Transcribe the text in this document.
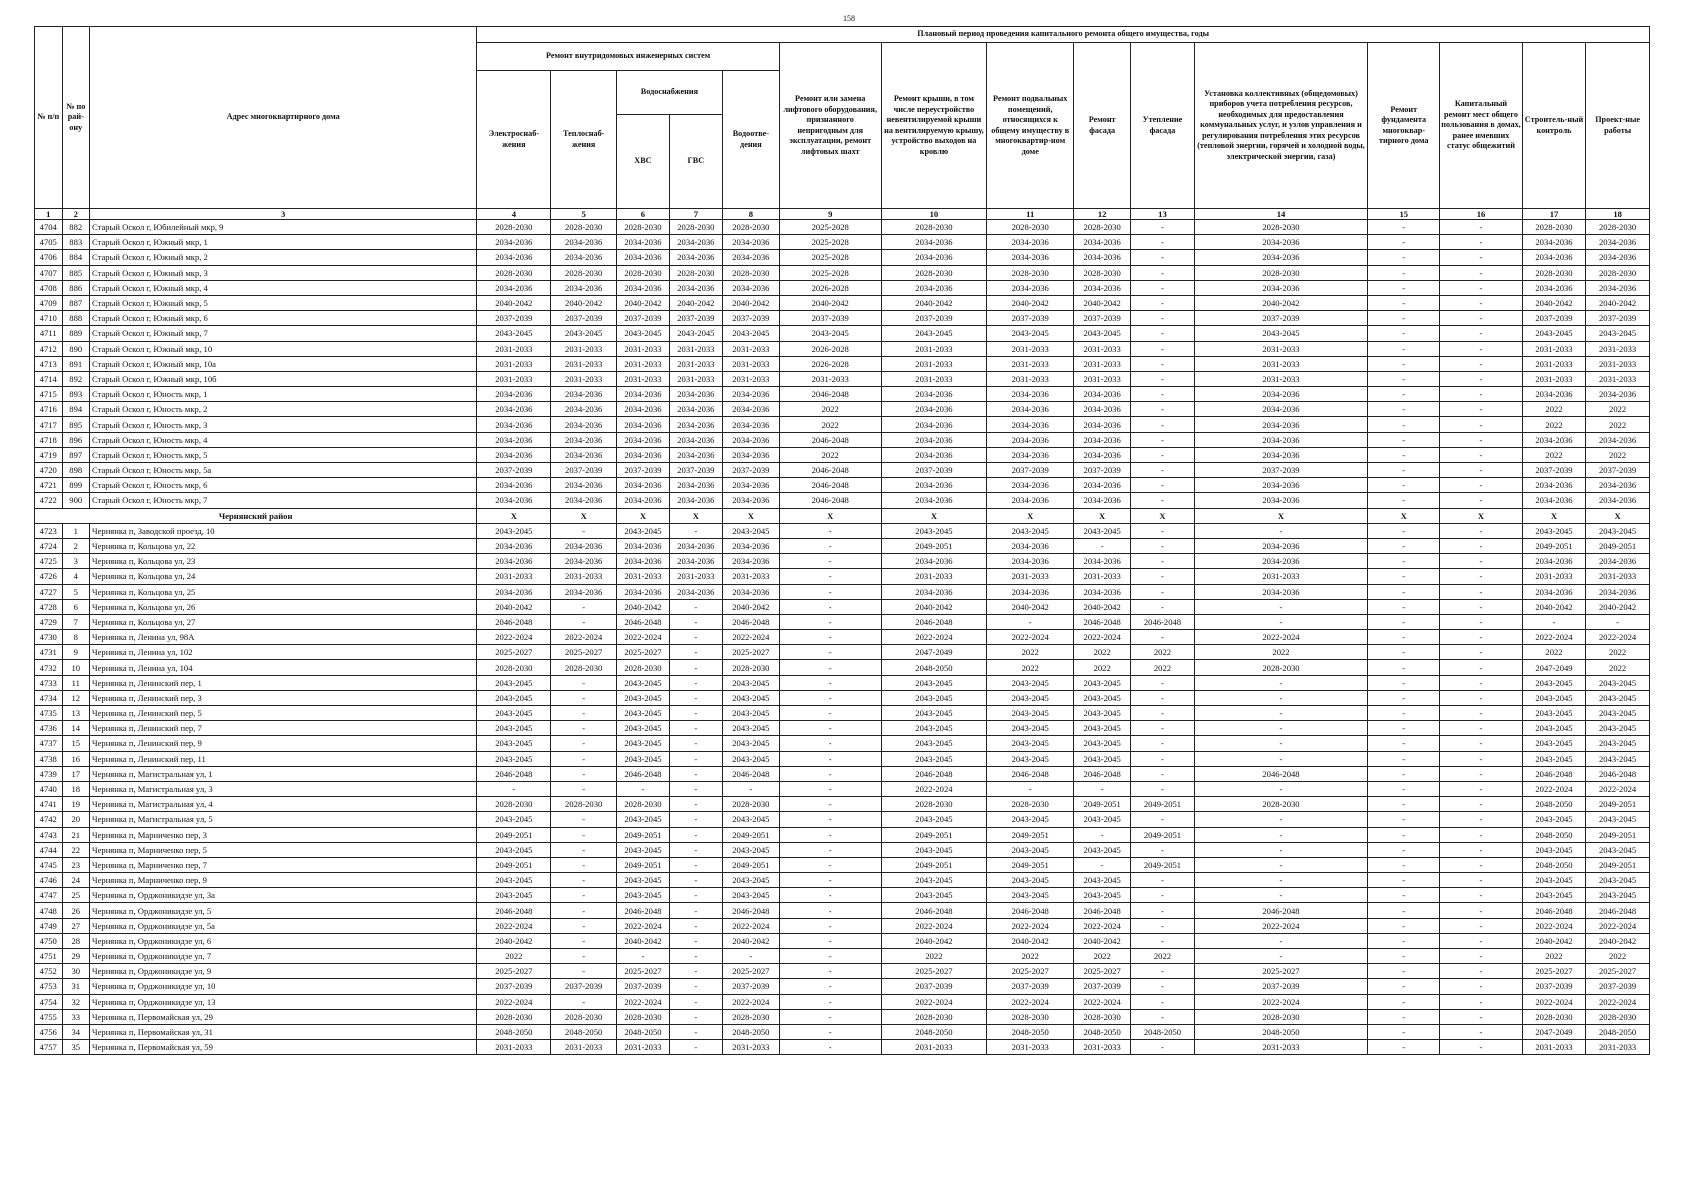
158
№ п/п	№ по рай-ону	Адрес многоквартирного дома	Плановый период проведения капитального ремонта общего имущества, годы														
			Ремонт внутридомовых инженерных систем					Ремонт или замена лифтового оборудования, признанного непригодным для эксплуатации, ремонт лифтовых шахт	Ремонт крыши, в том числе переустройство невентилируемой крыши на вентилируемую крышу, устройство выходов на кровлю	Ремонт подвальных помещений, относящихся к общему имуществу в многоквартир-ном доме	Ремонт фасада	Утепление фасада	Установка коллективных (общедомовых) приборов учета потребления ресурсов, необходимых для предоставления коммунальных услуг, и узлов управления и регулирования потребления этих ресурсов (тепловой энергии, горячей и холодной воды, электрической энергии, газа)	Ремонт фундамента многоквар-тирного дома	Капитальный ремонт мест общего пользования в домах, ранее имевших статус общежитий	Строитель-ный контроль	Проект-ные работы
			Электроснаб-жения	Теплоснаб-жения	Водоснабжения		Водоотве-дения										
					ХВС	ГВС											
1	2	3	4	5	6	7	8	9	10	11	12	13	14	15	16	17	18
4704	882	Старый Оскол г, Юбилейный мкр, 9	2028-2030	2028-2030	2028-2030	2028-2030	2028-2030	2025-2028	2028-2030	2028-2030	2028-2030	-	2028-2030	-	-	2028-2030	2028-2030
4705	883	Старый Оскол г, Южный мкр, 1	2034-2036	2034-2036	2034-2036	2034-2036	2034-2036	2025-2028	2034-2036	2034-2036	2034-2036	-	2034-2036	-	-	2034-2036	2034-2036
4706	884	Старый Оскол г, Южный мкр, 2	2034-2036	2034-2036	2034-2036	2034-2036	2034-2036	2025-2028	2034-2036	2034-2036	2034-2036	-	2034-2036	-	-	2034-2036	2034-2036
4707	885	Старый Оскол г, Южный мкр, 3	2028-2030	2028-2030	2028-2030	2028-2030	2028-2030	2025-2028	2028-2030	2028-2030	2028-2030	-	2028-2030	-	-	2028-2030	2028-2030
4708	886	Старый Оскол г, Южный мкр, 4	2034-2036	2034-2036	2034-2036	2034-2036	2034-2036	2026-2028	2034-2036	2034-2036	2034-2036	-	2034-2036	-	-	2034-2036	2034-2036
4709	887	Старый Оскол г, Южный мкр, 5	2040-2042	2040-2042	2040-2042	2040-2042	2040-2042	2040-2042	2040-2042	2040-2042	2040-2042	-	2040-2042	-	-	2040-2042	2040-2042
4710	888	Старый Оскол г, Южный мкр, 6	2037-2039	2037-2039	2037-2039	2037-2039	2037-2039	2037-2039	2037-2039	2037-2039	2037-2039	-	2037-2039	-	-	2037-2039	2037-2039
4711	889	Старый Оскол г, Южный мкр, 7	2043-2045	2043-2045	2043-2045	2043-2045	2043-2045	2043-2045	2043-2045	2043-2045	2043-2045	-	2043-2045	-	-	2043-2045	2043-2045
4712	890	Старый Оскол г, Южный мкр, 10	2031-2033	2031-2033	2031-2033	2031-2033	2031-2033	2026-2028	2031-2033	2031-2033	2031-2033	-	2031-2033	-	-	2031-2033	2031-2033
4713	891	Старый Оскол г, Южный мкр, 10а	2031-2033	2031-2033	2031-2033	2031-2033	2031-2033	2026-2028	2031-2033	2031-2033	2031-2033	-	2031-2033	-	-	2031-2033	2031-2033
4714	892	Старый Оскол г, Южный мкр, 10б	2031-2033	2031-2033	2031-2033	2031-2033	2031-2033	2031-2033	2031-2033	2031-2033	2031-2033	-	2031-2033	-	-	2031-2033	2031-2033
4715	893	Старый Оскол г, Юность мкр, 1	2034-2036	2034-2036	2034-2036	2034-2036	2034-2036	2046-2048	2034-2036	2034-2036	2034-2036	-	2034-2036	-	-	2034-2036	2034-2036
4716	894	Старый Оскол г, Юность мкр, 2	2034-2036	2034-2036	2034-2036	2034-2036	2034-2036	2022	2034-2036	2034-2036	2034-2036	-	2034-2036	-	-	2022	2022
4717	895	Старый Оскол г, Юность мкр, 3	2034-2036	2034-2036	2034-2036	2034-2036	2034-2036	2022	2034-2036	2034-2036	2034-2036	-	2034-2036	-	-	2022	2022
4718	896	Старый Оскол г, Юность мкр, 4	2034-2036	2034-2036	2034-2036	2034-2036	2034-2036	2046-2048	2034-2036	2034-2036	2034-2036	-	2034-2036	-	-	2034-2036	2034-2036
4719	897	Старый Оскол г, Юность мкр, 5	2034-2036	2034-2036	2034-2036	2034-2036	2034-2036	2022	2034-2036	2034-2036	2034-2036	-	2034-2036	-	-	2022	2022
4720	898	Старый Оскол г, Юность мкр, 5а	2037-2039	2037-2039	2037-2039	2037-2039	2037-2039	2046-2048	2037-2039	2037-2039	2037-2039	-	2037-2039	-	-	2037-2039	2037-2039
4721	899	Старый Оскол г, Юность мкр, 6	2034-2036	2034-2036	2034-2036	2034-2036	2034-2036	2046-2048	2034-2036	2034-2036	2034-2036	-	2034-2036	-	-	2034-2036	2034-2036
4722	900	Старый Оскол г, Юность мкр, 7	2034-2036	2034-2036	2034-2036	2034-2036	2034-2036	2046-2048	2034-2036	2034-2036	2034-2036	-	2034-2036	-	-	2034-2036	2034-2036
Чернянский район			X	X	X	X	X	X	X	X	X	X	X	X	X	X	X
4723	1	Чернянка п, Заводской проезд, 10	2043-2045	-	2043-2045	-	2043-2045	-	2043-2045	2043-2045	2043-2045	-	-	-	-	2043-2045	2043-2045
4724	2	Чернянка п, Кольцова ул, 22	2034-2036	2034-2036	2034-2036	2034-2036	2034-2036	-	2049-2051	2034-2036	-	-	2034-2036	-	-	2049-2051	2049-2051
4725	3	Чернянка п, Кольцова ул, 23	2034-2036	2034-2036	2034-2036	2034-2036	2034-2036	-	2034-2036	2034-2036	2034-2036	-	2034-2036	-	-	2034-2036	2034-2036
4726	4	Чернянка п, Кольцова ул, 24	2031-2033	2031-2033	2031-2033	2031-2033	2031-2033	-	2031-2033	2031-2033	2031-2033	-	2031-2033	-	-	2031-2033	2031-2033
4727	5	Чернянка п, Кольцова ул, 25	2034-2036	2034-2036	2034-2036	2034-2036	2034-2036	-	2034-2036	2034-2036	2034-2036	-	2034-2036	-	-	2034-2036	2034-2036
4728	6	Чернянка п, Кольцова ул, 26	2040-2042	-	2040-2042	-	2040-2042	-	2040-2042	2040-2042	2040-2042	-	-	-	-	2040-2042	2040-2042
4729	7	Чернянка п, Кольцова ул, 27	2046-2048	-	2046-2048	-	2046-2048	-	2046-2048	-	2046-2048	2046-2048	-	-	-	-	-
4730	8	Чернянка п, Ленина ул, 98А	2022-2024	2022-2024	2022-2024	-	2022-2024	-	2022-2024	2022-2024	2022-2024	-	2022-2024	-	-	2022-2024	2022-2024
4731	9	Чернянка п, Ленина ул, 102	2025-2027	2025-2027	2025-2027	-	2025-2027	-	2047-2049	2022	2022	2022	2022	-	-	2022	2022
4732	10	Чернянка п, Ленина ул, 104	2028-2030	2028-2030	2028-2030	-	2028-2030	-	2048-2050	2022	2022	2022	2028-2030	-	-	2047-2049	2022
4733	11	Чернянка п, Ленинский пер, 1	2043-2045	-	2043-2045	-	2043-2045	-	2043-2045	2043-2045	2043-2045	-	-	-	-	2043-2045	2043-2045
4734	12	Чернянка п, Ленинский пер, 3	2043-2045	-	2043-2045	-	2043-2045	-	2043-2045	2043-2045	2043-2045	-	-	-	-	2043-2045	2043-2045
4735	13	Чернянка п, Ленинский пер, 5	2043-2045	-	2043-2045	-	2043-2045	-	2043-2045	2043-2045	2043-2045	-	-	-	-	2043-2045	2043-2045
4736	14	Чернянка п, Ленинский пер, 7	2043-2045	-	2043-2045	-	2043-2045	-	2043-2045	2043-2045	2043-2045	-	-	-	-	2043-2045	2043-2045
4737	15	Чернянка п, Ленинский пер, 9	2043-2045	-	2043-2045	-	2043-2045	-	2043-2045	2043-2045	2043-2045	-	-	-	-	2043-2045	2043-2045
4738	16	Чернянка п, Ленинский пер, 11	2043-2045	-	2043-2045	-	2043-2045	-	2043-2045	2043-2045	2043-2045	-	-	-	-	2043-2045	2043-2045
4739	17	Чернянка п, Магистральная ул, 1	2046-2048	-	2046-2048	-	2046-2048	-	2046-2048	2046-2048	2046-2048	-	2046-2048	-	-	2046-2048	2046-2048
4740	18	Чернянка п, Магистральная ул, 3	-	-	-	-	-	-	2022-2024	-	-	-	-	-	-	2022-2024	2022-2024
4741	19	Чернянка п, Магистральная ул, 4	2028-2030	2028-2030	2028-2030	-	2028-2030	-	2028-2030	2028-2030	2049-2051	2049-2051	2028-2030	-	-	2048-2050	2049-2051
4742	20	Чернянка п, Магистральная ул, 5	2043-2045	-	2043-2045	-	2043-2045	-	2043-2045	2043-2045	2043-2045	-	-	-	-	2043-2045	2043-2045
4743	21	Чернянка п, Марниченко пер, 3	2049-2051	-	2049-2051	-	2049-2051	-	2049-2051	2049-2051	-	2049-2051	-	-	-	2048-2050	2049-2051
4744	22	Чернянка п, Марниченко пер, 5	2043-2045	-	2043-2045	-	2043-2045	-	2043-2045	2043-2045	2043-2045	-	-	-	-	2043-2045	2043-2045
4745	23	Чернянка п, Марниченко пер, 7	2049-2051	-	2049-2051	-	2049-2051	-	2049-2051	2049-2051	-	2049-2051	-	-	-	2048-2050	2049-2051
4746	24	Чернянка п, Марниченко пер, 9	2043-2045	-	2043-2045	-	2043-2045	-	2043-2045	2043-2045	2043-2045	-	-	-	-	2043-2045	2043-2045
4747	25	Чернянка п, Орджоникидзе ул, 3а	2043-2045	-	2043-2045	-	2043-2045	-	2043-2045	2043-2045	2043-2045	-	-	-	-	2043-2045	2043-2045
4748	26	Чернянка п, Орджоникидзе ул, 5	2046-2048	-	2046-2048	-	2046-2048	-	2046-2048	2046-2048	2046-2048	-	2046-2048	-	-	2046-2048	2046-2048
4749	27	Чернянка п, Орджоникидзе ул, 5а	2022-2024	-	2022-2024	-	2022-2024	-	2022-2024	2022-2024	2022-2024	-	2022-2024	-	-	2022-2024	2022-2024
4750	28	Чернянка п, Орджоникидзе ул, 6	2040-2042	-	2040-2042	-	2040-2042	-	2040-2042	2040-2042	2040-2042	-	-	-	-	2040-2042	2040-2042
4751	29	Чернянка п, Орджоникидзе ул, 7	2022	-	-	-	-	-	2022	2022	2022	2022	-	-	-	2022	2022
4752	30	Чернянка п, Орджоникидзе ул, 9	2025-2027	-	2025-2027	-	2025-2027	-	2025-2027	2025-2027	2025-2027	-	2025-2027	-	-	2025-2027	2025-2027
4753	31	Чернянка п, Орджоникидзе ул, 10	2037-2039	2037-2039	2037-2039	-	2037-2039	-	2037-2039	2037-2039	2037-2039	-	2037-2039	-	-	2037-2039	2037-2039
4754	32	Чернянка п, Орджоникидзе ул, 13	2022-2024	-	2022-2024	-	2022-2024	-	2022-2024	2022-2024	2022-2024	-	2022-2024	-	-	2022-2024	2022-2024
4755	33	Чернянка п, Первомайская ул, 29	2028-2030	2028-2030	2028-2030	-	2028-2030	-	2028-2030	2028-2030	2028-2030	-	2028-2030	-	-	2028-2030	2028-2030
4756	34	Чернянка п, Первомайская ул, 31	2048-2050	2048-2050	2048-2050	-	2048-2050	-	2048-2050	2048-2050	2048-2050	2048-2050	2048-2050	-	-	2047-2049	2048-2050
4757	35	Чернянка п, Первомайская ул, 59	2031-2033	2031-2033	2031-2033	-	2031-2033	-	2031-2033	2031-2033	2031-2033	-	2031-2033	-	-	2031-2033	2031-2033
